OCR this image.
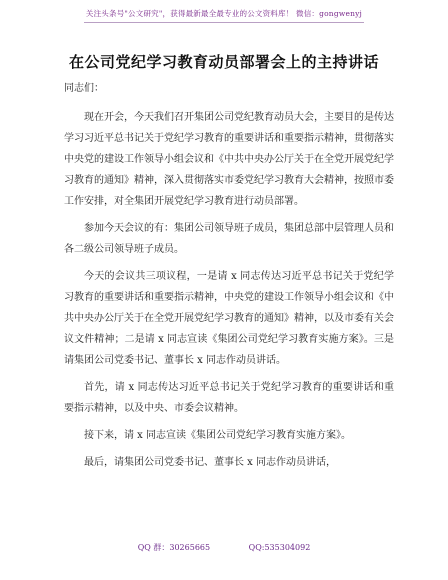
关注头条号"公文研究"，获得最新最全最专业的公文资料库！ 微信：gongwenyj
在公司党纪学习教育动员部署会上的主持讲话

同志们：

现在开会，今天我们召开集团公司党纪教育动员大会，主要目的是传达学习习近平总书记关于党纪学习教育的重要讲话和重要指示精神，贯彻落实中央党的建设工作领导小组会议和《中共中央办公厅关于在全党开展党纪学习教育的通知》精神，深入贯彻落实市委党纪学习教育大会精神，按照市委工作安排，对全集团开展党纪学习教育进行动员部署。

参加今天会议的有：集团公司领导班子成员，集团总部中层管理人员和各二级公司领导班子成员。

今天的会议共三项议程，一是请 x 同志传达习近平总书记关于党纪学习教育的重要讲话和重要指示精神，中央党的建设工作领导小组会议和《中共中央办公厅关于在全党开展党纪学习教育的通知》精神，以及市委有关会议文件精神；二是请 x 同志宣读《集团公司党纪学习教育实施方案》。三是请集团公司党委书记、董事长 x 同志作动员讲话。

首先，请 x 同志传达习近平总书记关于党纪学习教育的重要讲话和重要指示精神，以及中央、市委会议精神。

接下来，请 x 同志宣读《集团公司党纪学习教育实施方案》。

最后，请集团公司党委书记、董事长 x 同志作动员讲话，

QQ 群：30265665	QQ:535304092
